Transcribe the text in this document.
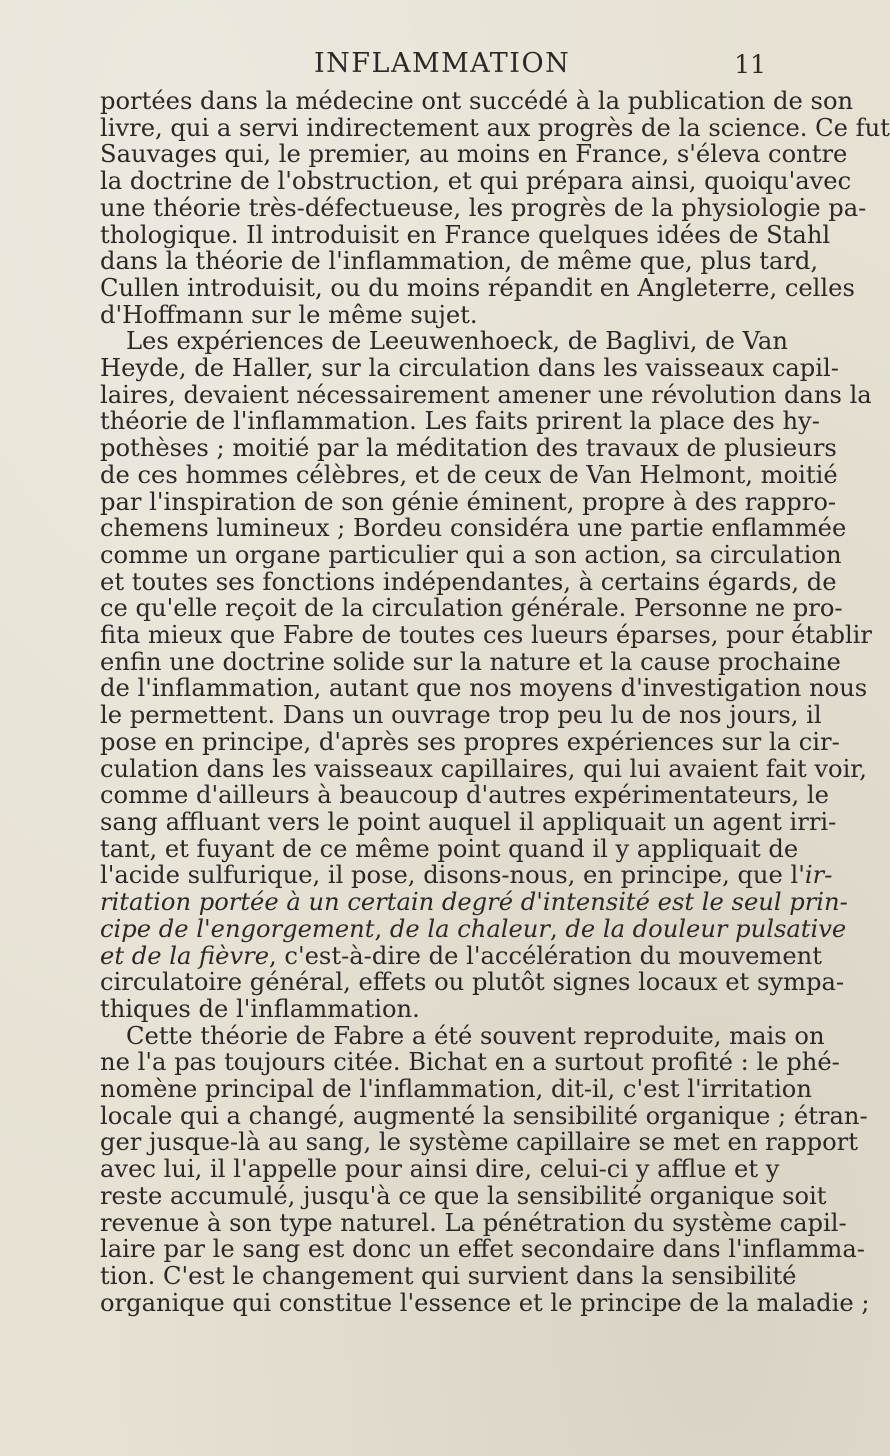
INFLAMMATION	11
portées dans la médecine ont succédé à la publication de son
livre, qui a servi indirectement aux progrès de la science. Ce fut
Sauvages qui, le premier, au moins en France, s'éleva contre
la doctrine de l'obstruction, et qui prépara ainsi, quoiqu'avec
une théorie très-défectueuse, les progrès de la physiologie pa-
thologique. Il introduisit en France quelques idées de Stahl
dans la théorie de l'inflammation, de même que, plus tard,
Cullen introduisit, ou du moins répandit en Angleterre, celles
d'Hoffmann sur le même sujet.
Les expériences de Leeuwenhoeck, de Baglivi, de Van
Heyde, de Haller, sur la circulation dans les vaisseaux capil-
laires, devaient nécessairement amener une révolution dans la
théorie de l'inflammation. Les faits prirent la place des hy-
pothèses ; moitié par la méditation des travaux de plusieurs
de ces hommes célèbres, et de ceux de Van Helmont, moitié
par l'inspiration de son génie éminent, propre à des rappro-
chemens lumineux ; Bordeu considéra une partie enflammée
comme un organe particulier qui a son action, sa circulation
et toutes ses fonctions indépendantes, à certains égards, de
ce qu'elle reçoit de la circulation générale. Personne ne pro-
fita mieux que Fabre de toutes ces lueurs éparses, pour établir
enfin une doctrine solide sur la nature et la cause prochaine
de l'inflammation, autant que nos moyens d'investigation nous
le permettent. Dans un ouvrage trop peu lu de nos jours, il
pose en principe, d'après ses propres expériences sur la cir-
culation dans les vaisseaux capillaires, qui lui avaient fait voir,
comme d'ailleurs à beaucoup d'autres expérimentateurs, le
sang affluant vers le point auquel il appliquait un agent irri-
tant, et fuyant de ce même point quand il y appliquait de
l'acide sulfurique, il pose, disons-nous, en principe, que l'ir-
ritation portée à un certain degré d'intensité est le seul prin-
cipe de l'engorgement, de la chaleur, de la douleur pulsative
et de la fièvre, c'est-à-dire de l'accélération du mouvement
circulatoire général, effets ou plutôt signes locaux et sympa-
thiques de l'inflammation.
Cette théorie de Fabre a été souvent reproduite, mais on
ne l'a pas toujours citée. Bichat en a surtout profité : le phé-
nomène principal de l'inflammation, dit-il, c'est l'irritation
locale qui a changé, augmenté la sensibilité organique ; étran-
ger jusque-là au sang, le système capillaire se met en rapport
avec lui, il l'appelle pour ainsi dire, celui-ci y afflue et y
reste accumulé, jusqu'à ce que la sensibilité organique soit
revenue à son type naturel. La pénétration du système capil-
laire par le sang est donc un effet secondaire dans l'inflamma-
tion. C'est le changement qui survient dans la sensibilité
organique qui constitue l'essence et le principe de la maladie ;
